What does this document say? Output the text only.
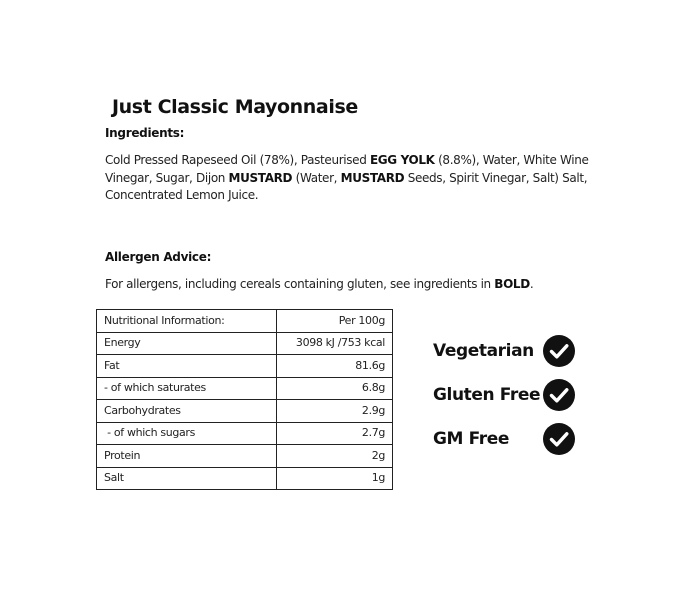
Just Classic Mayonnaise
Ingredients:
Cold Pressed Rapeseed Oil (78%), Pasteurised EGG YOLK (8.8%), Water, White Wine Vinegar, Sugar, Dijon MUSTARD (Water, MUSTARD Seeds, Spirit Vinegar, Salt) Salt, Concentrated Lemon Juice.
Allergen Advice:
For allergens, including cereals containing gluten, see ingredients in BOLD.
Nutritional Information:	Per 100g
Energy	3098 kJ /753 kcal
Fat	81.6g
- of which saturates	6.8g
Carbohydrates	2.9g
- of which sugars	2.7g
Protein	2g
Salt	1g
Vegetarian
Gluten Free
GM Free
